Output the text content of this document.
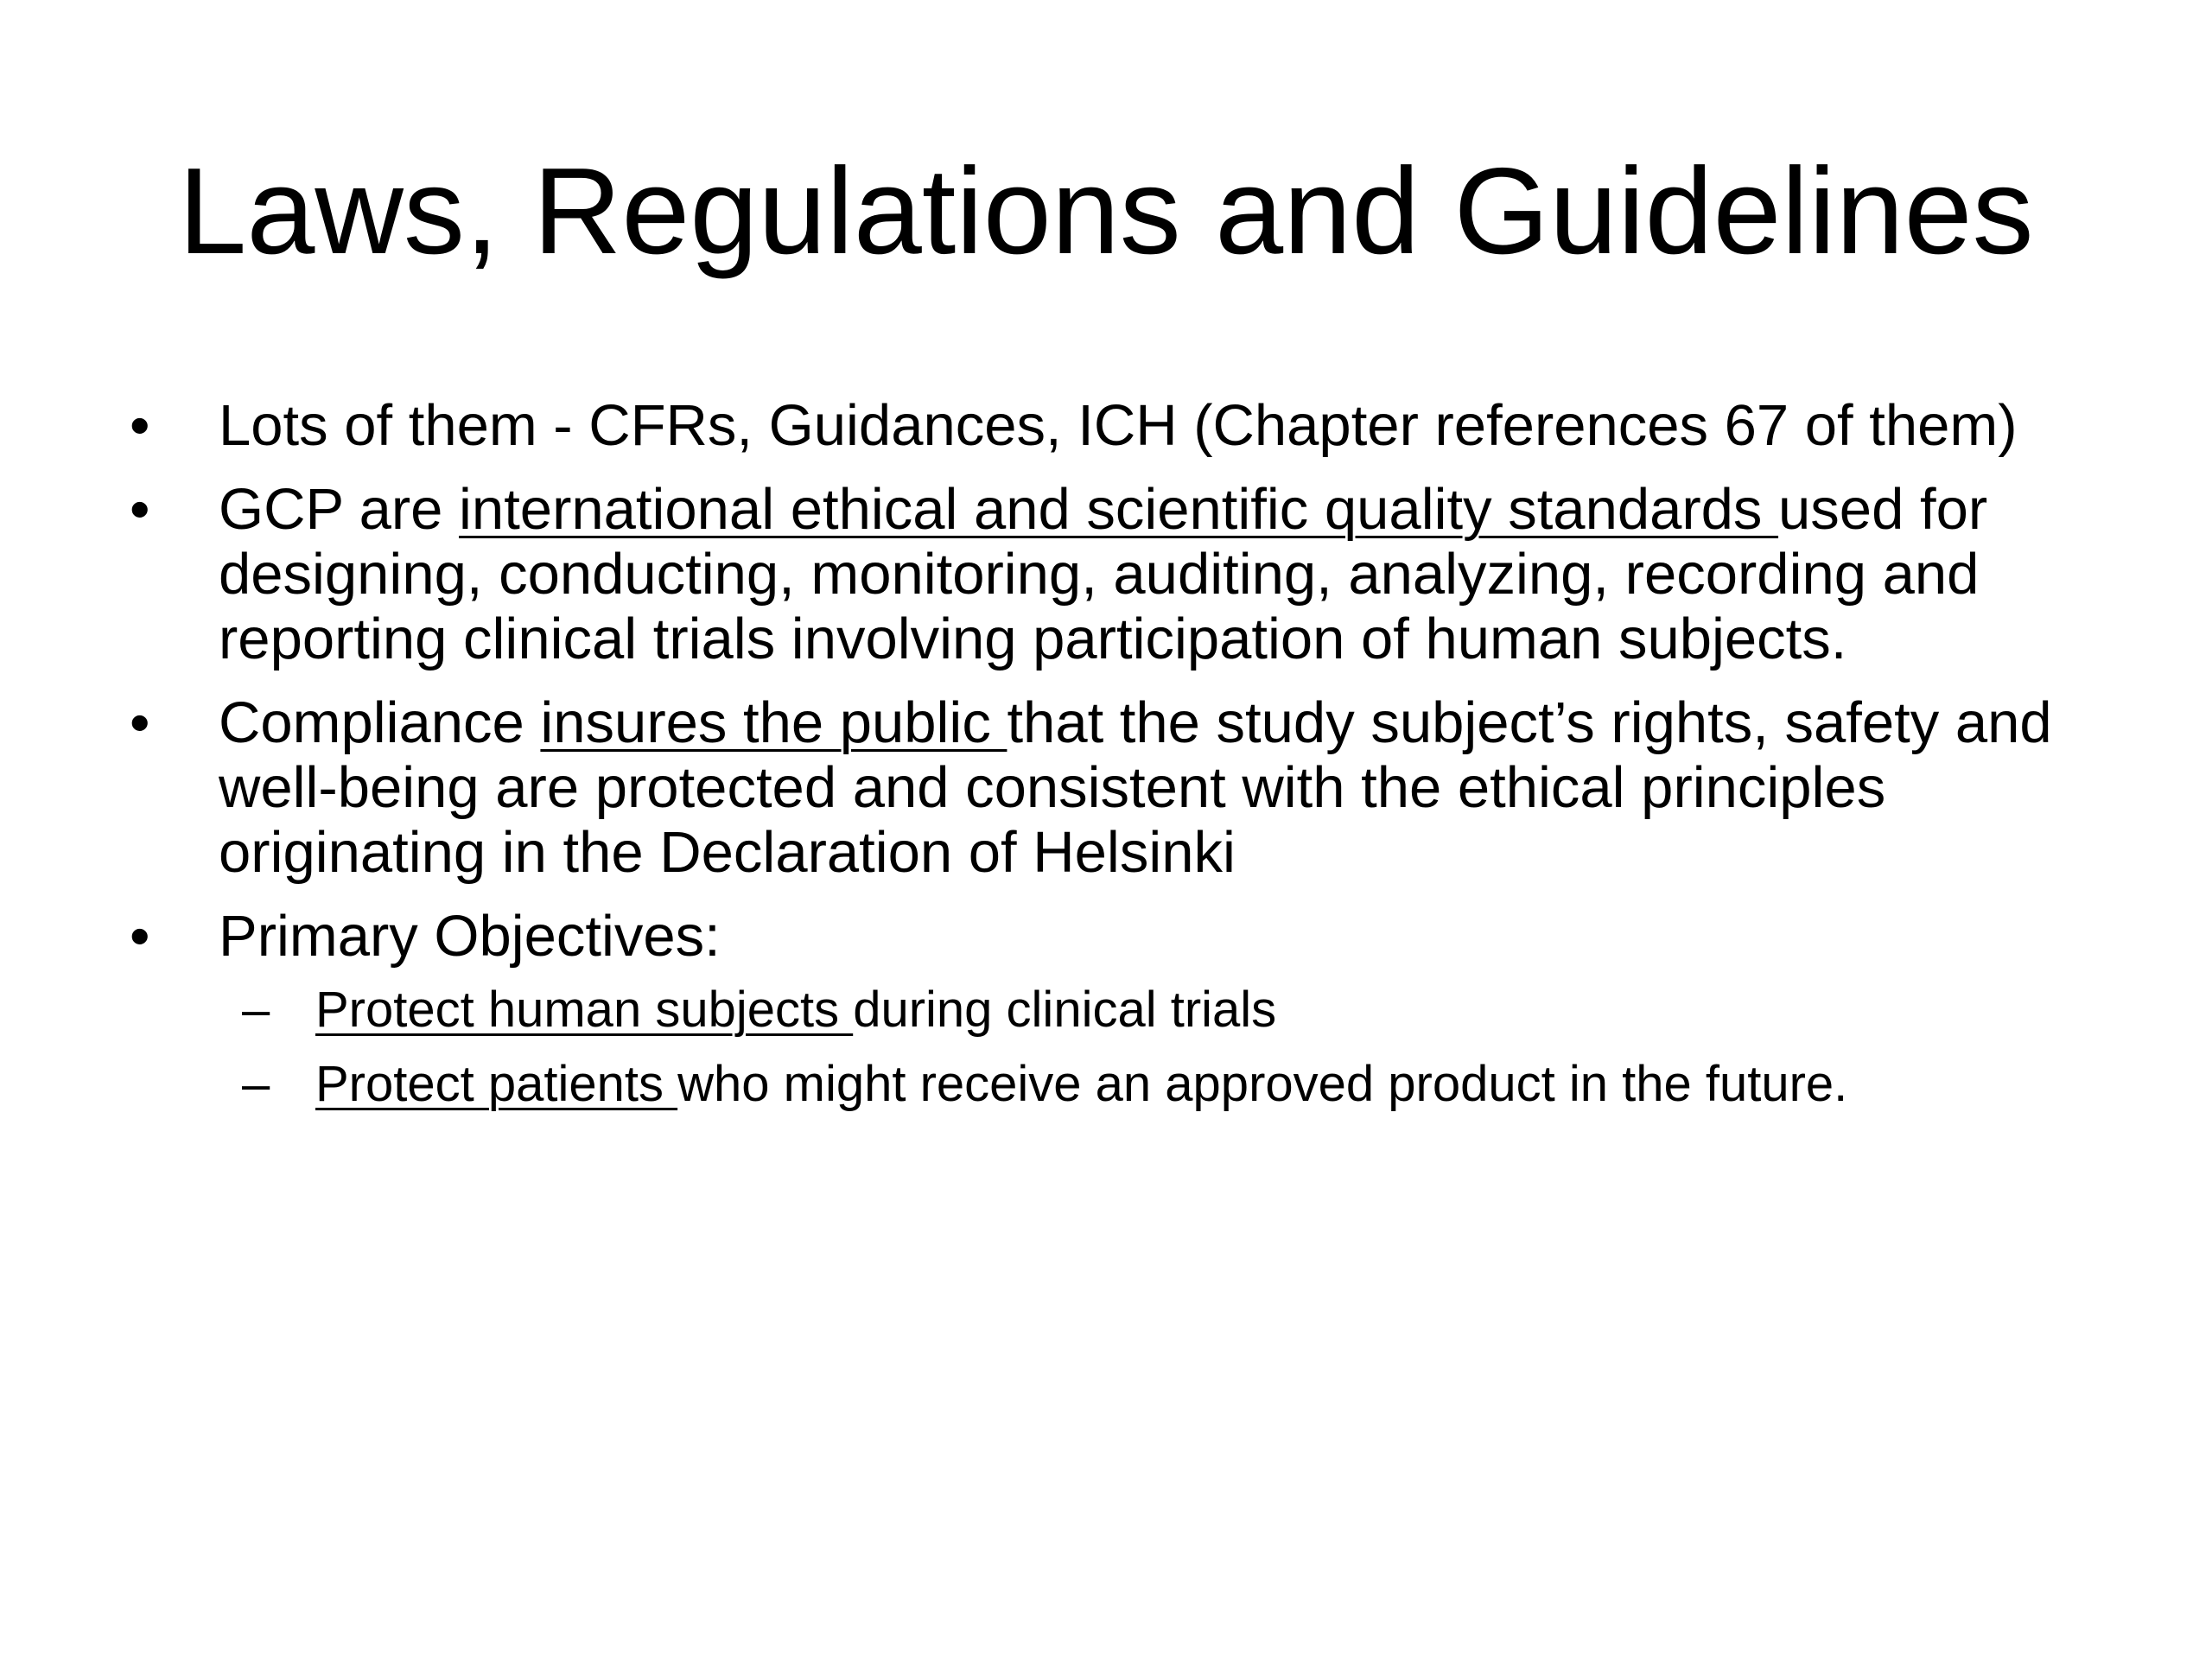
Laws, Regulations and Guidelines
• Lots of them - CFRs, Guidances, ICH (Chapter references 67 of them)
• GCP are international ethical and scientific quality standards used for designing, conducting, monitoring, auditing, analyzing, recording and reporting clinical trials involving participation of human subjects.
• Compliance insures the public that the study subject’s rights, safety and well-being are protected and consistent with the ethical principles originating in the Declaration of Helsinki
• Primary Objectives:
– Protect human subjects during clinical trials
– Protect patients who might receive an approved product in the future.
